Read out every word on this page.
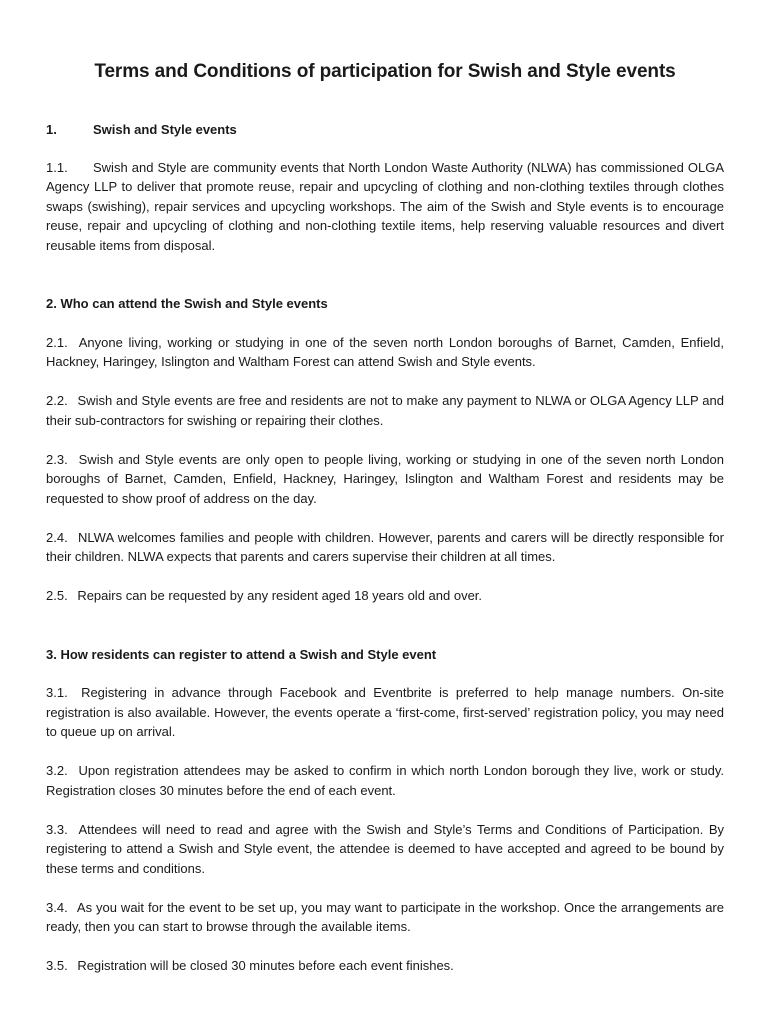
Terms and Conditions of participation for Swish and Style events

1.	Swish and Style events

1.1. Swish and Style are community events that North London Waste Authority (NLWA) has commissioned OLGA Agency LLP to deliver that promote reuse, repair and upcycling of clothing and non-clothing textiles through clothes swaps (swishing), repair services and upcycling workshops. The aim of the Swish and Style events is to encourage reuse, repair and upcycling of clothing and non-clothing textile items, help reserving valuable resources and divert reusable items from disposal.

2. Who can attend the Swish and Style events

2.1. Anyone living, working or studying in one of the seven north London boroughs of Barnet, Camden, Enfield, Hackney, Haringey, Islington and Waltham Forest can attend Swish and Style events.

2.2. Swish and Style events are free and residents are not to make any payment to NLWA or OLGA Agency LLP and their sub-contractors for swishing or repairing their clothes.

2.3. Swish and Style events are only open to people living, working or studying in one of the seven north London boroughs of Barnet, Camden, Enfield, Hackney, Haringey, Islington and Waltham Forest and residents may be requested to show proof of address on the day.

2.4. NLWA welcomes families and people with children. However, parents and carers will be directly responsible for their children. NLWA expects that parents and carers supervise their children at all times.

2.5. Repairs can be requested by any resident aged 18 years old and over.

3. How residents can register to attend a Swish and Style event

3.1. Registering in advance through Facebook and Eventbrite is preferred to help manage numbers. On-site registration is also available. However, the events operate a ‘first-come, first-served’ registration policy, you may need to queue up on arrival.

3.2. Upon registration attendees may be asked to confirm in which north London borough they live, work or study. Registration closes 30 minutes before the end of each event.

3.3. Attendees will need to read and agree with the Swish and Style’s Terms and Conditions of Participation. By registering to attend a Swish and Style event, the attendee is deemed to have accepted and agreed to be bound by these terms and conditions.

3.4. As you wait for the event to be set up, you may want to participate in the workshop. Once the arrangements are ready, then you can start to browse through the available items.

3.5. Registration will be closed 30 minutes before each event finishes.
